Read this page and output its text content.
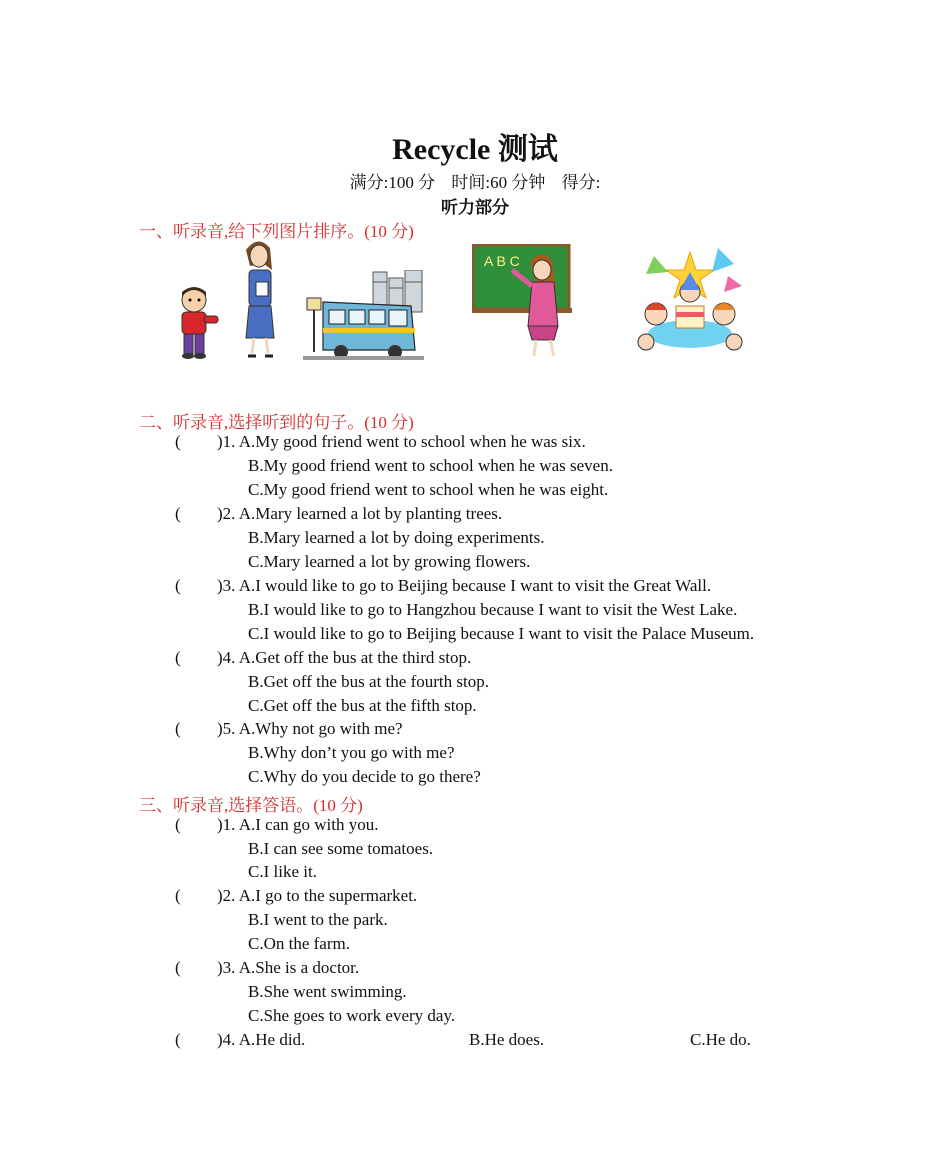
Recycle 测试
满分:100 分 时间:60 分钟 得分:
听力部分
一、听录音,给下列图片排序。(10 分)
A B C
二、听录音,选择听到的句子。(10 分)
( )1. A.My good friend went to school when he was six.
B.My good friend went to school when he was seven.
C.My good friend went to school when he was eight.
( )2. A.Mary learned a lot by planting trees.
B.Mary learned a lot by doing experiments.
C.Mary learned a lot by growing flowers.
( )3. A.I would like to go to Beijing because I want to visit the Great Wall.
B.I would like to go to Hangzhou because I want to visit the West Lake.
C.I would like to go to Beijing because I want to visit the Palace Museum.
( )4. A.Get off the bus at the third stop.
B.Get off the bus at the fourth stop.
C.Get off the bus at the fifth stop.
( )5. A.Why not go with me?
B.Why don’t you go with me?
C.Why do you decide to go there?
三、听录音,选择答语。(10 分)
( )1. A.I can go with you.
B.I can see some tomatoes.
C.I like it.
( )2. A.I go to the supermarket.
B.I went to the park.
C.On the farm.
( )3. A.She is a doctor.
B.She went swimming.
C.She goes to work every day.
( )4. A.He did.	B.He does.	C.He do.
